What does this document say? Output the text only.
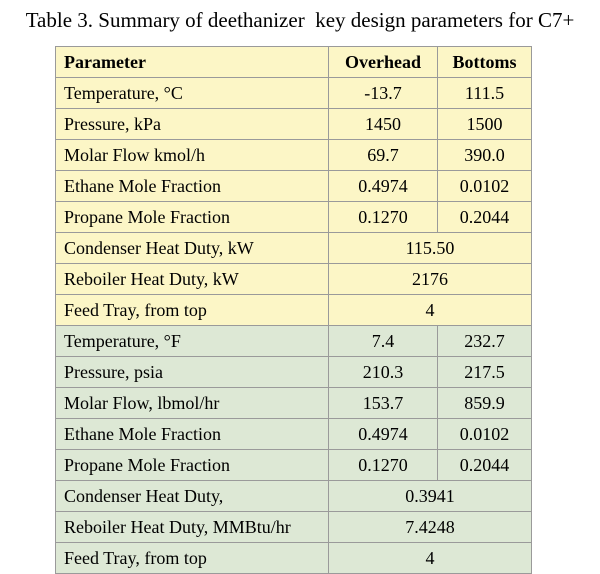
Table 3. Summary of deethanizer  key design parameters for C7+
Parameter	Overhead	Bottoms
Temperature, °C	-13.7	111.5
Pressure, kPa	1450	1500
Molar Flow kmol/h	69.7	390.0
Ethane Mole Fraction	0.4974	0.0102
Propane Mole Fraction	0.1270	0.2044
Condenser Heat Duty, kW	115.50	
Reboiler Heat Duty, kW	2176	
Feed Tray, from top	4	
Temperature, °F	7.4	232.7
Pressure, psia	210.3	217.5
Molar Flow, lbmol/hr	153.7	859.9
Ethane Mole Fraction	0.4974	0.0102
Propane Mole Fraction	0.1270	0.2044
Condenser Heat Duty,	0.3941	
Reboiler Heat Duty, MMBtu/hr	7.4248	
Feed Tray, from top	4	
